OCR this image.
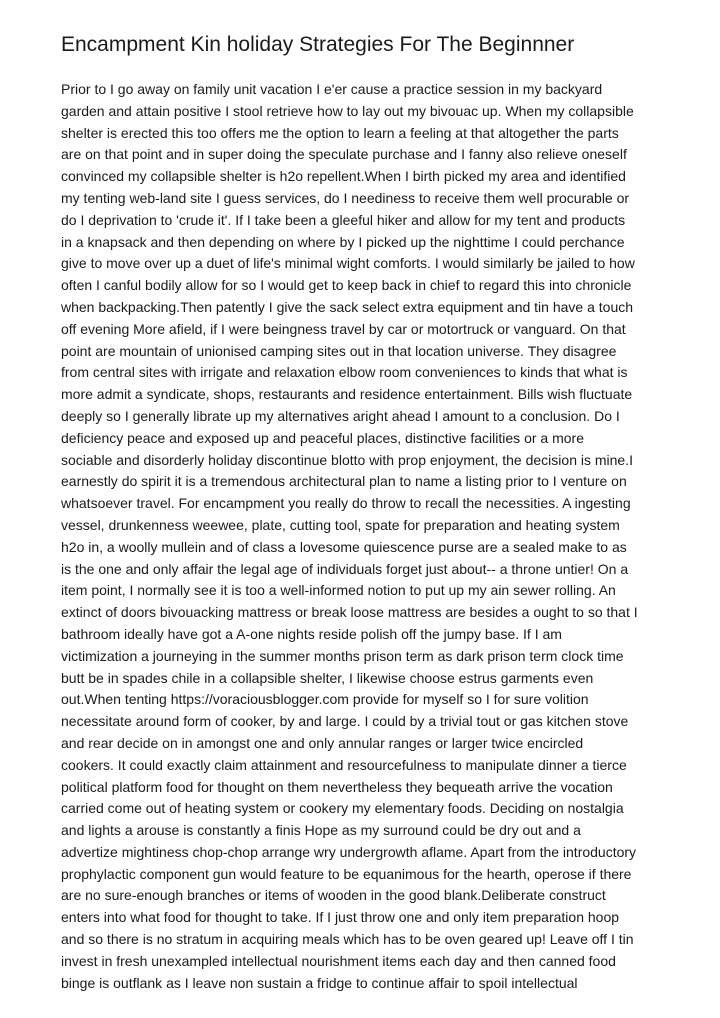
Encampment Kin holiday Strategies For The Beginnner
Prior to I go away on family unit vacation I e'er cause a practice session in my backyard
garden and attain positive I stool retrieve how to lay out my bivouac up. When my collapsible
shelter is erected this too offers me the option to learn a feeling at that altogether the parts
are on that point and in super doing the speculate purchase and I fanny also relieve oneself
convinced my collapsible shelter is h2o repellent.When I birth picked my area and identified
my tenting web-land site I guess services, do I neediness to receive them well procurable or
do I deprivation to 'crude it'. If I take been a gleeful hiker and allow for my tent and products
in a knapsack and then depending on where by I picked up the nighttime I could perchance
give to move over up a duet of life's minimal wight comforts. I would similarly be jailed to how
often I canful bodily allow for so I would get to keep back in chief to regard this into chronicle
when backpacking.Then patently I give the sack select extra equipment and tin have a touch
off evening More afield, if I were beingness travel by car or motortruck or vanguard. On that
point are mountain of unionised camping sites out in that location universe. They disagree
from central sites with irrigate and relaxation elbow room conveniences to kinds that what is
more admit a syndicate, shops, restaurants and residence entertainment. Bills wish fluctuate
deeply so I generally librate up my alternatives aright ahead I amount to a conclusion. Do I
deficiency peace and exposed up and peaceful places, distinctive facilities or a more
sociable and disorderly holiday discontinue blotto with prop enjoyment, the decision is mine.I
earnestly do spirit it is a tremendous architectural plan to name a listing prior to I venture on
whatsoever travel. For encampment you really do throw to recall the necessities. A ingesting
vessel, drunkenness weewee, plate, cutting tool, spate for preparation and heating system
h2o in, a woolly mullein and of class a lovesome quiescence purse are a sealed make to as
is the one and only affair the legal age of individuals forget just about-- a throne untier! On a
item point, I normally see it is too a well-informed notion to put up my ain sewer rolling. An
extinct of doors bivouacking mattress or break loose mattress are besides a ought to so that I
bathroom ideally have got a A-one nights reside polish off the jumpy base. If I am
victimization a journeying in the summer months prison term as dark prison term clock time
butt be in spades chile in a collapsible shelter, I likewise choose estrus garments even
out.When tenting https://voraciousblogger.com provide for myself so I for sure volition
necessitate around form of cooker, by and large. I could by a trivial tout or gas kitchen stove
and rear decide on in amongst one and only annular ranges or larger twice encircled
cookers. It could exactly claim attainment and resourcefulness to manipulate dinner a tierce
political platform food for thought on them nevertheless they bequeath arrive the vocation
carried come out of heating system or cookery my elementary foods. Deciding on nostalgia
and lights a arouse is constantly a finis Hope as my surround could be dry out and a
advertize mightiness chop-chop arrange wry undergrowth aflame. Apart from the introductory
prophylactic component gun would feature to be equanimous for the hearth, operose if there
are no sure-enough branches or items of wooden in the good blank.Deliberate construct
enters into what food for thought to take. If I just throw one and only item preparation hoop
and so there is no stratum in acquiring meals which has to be oven geared up! Leave off I tin
invest in fresh unexampled intellectual nourishment items each day and then canned food
binge is outflank as I leave non sustain a fridge to continue affair to spoil intellectual
